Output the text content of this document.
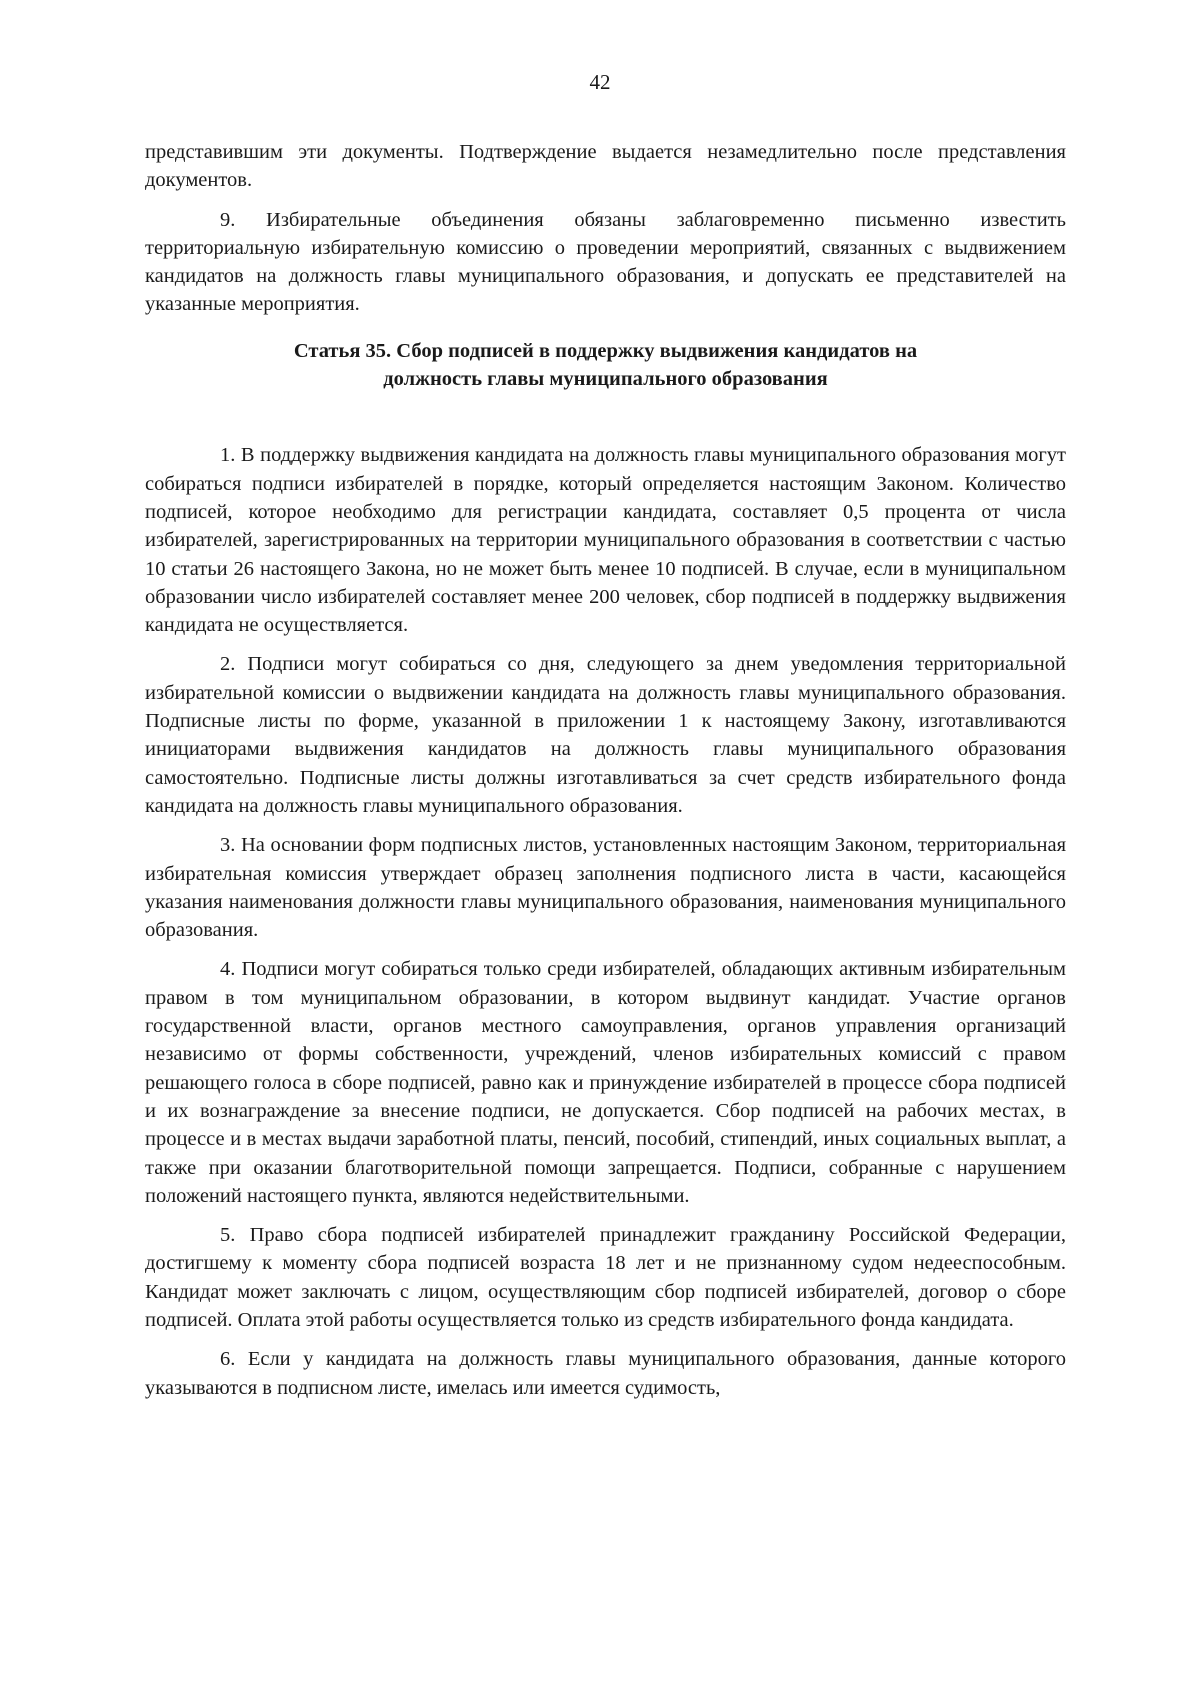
42

представившим эти документы. Подтверждение выдается незамедлительно после представления документов.

9. Избирательные объединения обязаны заблаговременно письменно известить территориальную избирательную комиссию о проведении мероприятий, связанных с выдвижением кандидатов на должность главы муниципального образования, и допускать ее представителей на указанные мероприятия.

Статья 35. Сбор подписей в поддержку выдвижения кандидатов на
должность главы муниципального образования

1. В поддержку выдвижения кандидата на должность главы муниципального образования могут собираться подписи избирателей в порядке, который определяется настоящим Законом. Количество подписей, которое необходимо для регистрации кандидата, составляет 0,5 процента от числа избирателей, зарегистрированных на территории муниципального образования в соответствии с частью 10 статьи 26 настоящего Закона, но не может быть менее 10 подписей. В случае, если в муниципальном образовании число избирателей составляет менее 200 человек, сбор подписей в поддержку выдвижения кандидата не осуществляется.

2. Подписи могут собираться со дня, следующего за днем уведомления территориальной избирательной комиссии о выдвижении кандидата на должность главы муниципального образования. Подписные листы по форме, указанной в приложении 1 к настоящему Закону, изготавливаются инициаторами выдвижения кандидатов на должность главы муниципального образования самостоятельно. Подписные листы должны изготавливаться за счет средств избирательного фонда кандидата на должность главы муниципального образования.

3. На основании форм подписных листов, установленных настоящим Законом, территориальная избирательная комиссия утверждает образец заполнения подписного листа в части, касающейся указания наименования должности главы муниципального образования, наименования муниципального образования.

4. Подписи могут собираться только среди избирателей, обладающих активным избирательным правом в том муниципальном образовании, в котором выдвинут кандидат. Участие органов государственной власти, органов местного самоуправления, органов управления организаций независимо от формы собственности, учреждений, членов избирательных комиссий с правом решающего голоса в сборе подписей, равно как и принуждение избирателей в процессе сбора подписей и их вознаграждение за внесение подписи, не допускается. Сбор подписей на рабочих местах, в процессе и в местах выдачи заработной платы, пенсий, пособий, стипендий, иных социальных выплат, а также при оказании благотворительной помощи запрещается. Подписи, собранные с нарушением положений настоящего пункта, являются недействительными.

5. Право сбора подписей избирателей принадлежит гражданину Российской Федерации, достигшему к моменту сбора подписей возраста 18 лет и не признанному судом недееспособным. Кандидат может заключать с лицом, осуществляющим сбор подписей избирателей, договор о сборе подписей. Оплата этой работы осуществляется только из средств избирательного фонда кандидата.

6. Если у кандидата на должность главы муниципального образования, данные которого указываются в подписном листе, имелась или имеется судимость,
